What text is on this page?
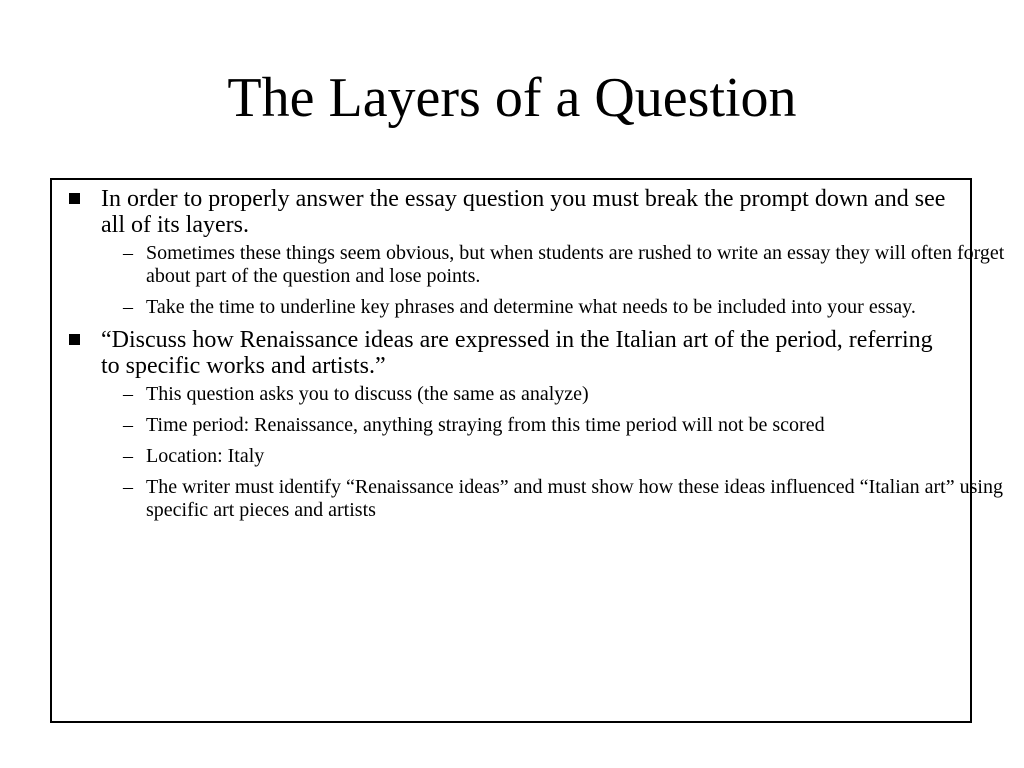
The Layers of a Question
In order to properly answer the essay question you must break the prompt down and see all of its layers.
– Sometimes these things seem obvious, but when students are rushed to write an essay they will often forget about part of the question and lose points.
– Take the time to underline key phrases and determine what needs to be included into your essay.
“Discuss how Renaissance ideas are expressed in the Italian art of the period, referring to specific works and artists.”
– This question asks you to discuss (the same as analyze)
– Time period: Renaissance, anything straying from this time period will not be scored
– Location: Italy
– The writer must identify “Renaissance ideas” and must show how these ideas influenced “Italian art” using specific art pieces and artists
